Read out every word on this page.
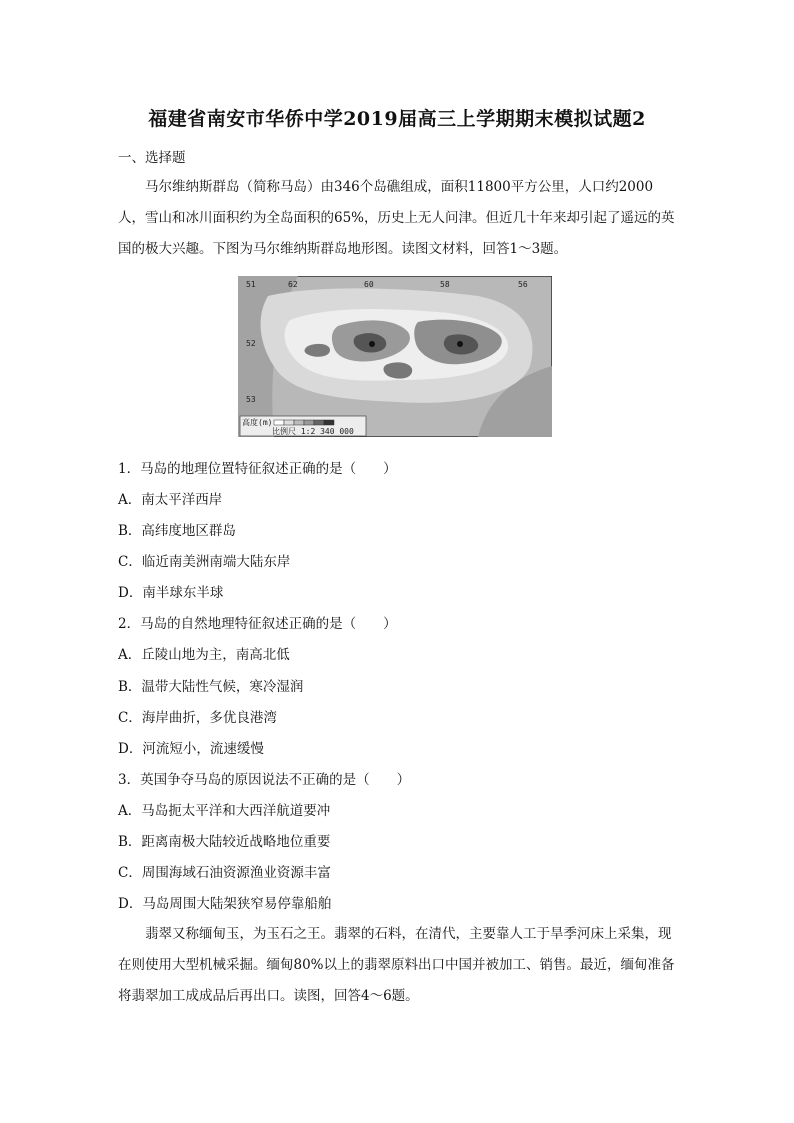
福建省南安市华侨中学2019届高三上学期期末模拟试题2
一、选择题
马尔维纳斯群岛（简称马岛）由346个岛礁组成，面积11800平方公里，人口约2000人，雪山和冰川面积约为全岛面积的65%，历史上无人问津。但近几十年来却引起了遥远的英国的极大兴趣。下图为马尔维纳斯群岛地形图。读图文材料，回答1～3题。
高度(m)
比例尺 1:2 340 000
51	62	60	58	56
52
53
1．马岛的地理位置特征叙述正确的是（　　）
A．南太平洋西岸
B．高纬度地区群岛
C．临近南美洲南端大陆东岸
D．南半球东半球
2．马岛的自然地理特征叙述正确的是（　　）
A．丘陵山地为主，南高北低
B．温带大陆性气候，寒冷湿润
C．海岸曲折，多优良港湾
D．河流短小，流速缓慢
3．英国争夺马岛的原因说法不正确的是（　　）
A．马岛扼太平洋和大西洋航道要冲
B．距离南极大陆较近战略地位重要
C．周围海域石油资源渔业资源丰富
D．马岛周围大陆架狭窄易停靠船舶
翡翠又称缅甸玉，为玉石之王。翡翠的石料，在清代，主要靠人工于旱季河床上采集，现在则使用大型机械采掘。缅甸80%以上的翡翠原料出口中国并被加工、销售。最近，缅甸准备将翡翠加工成成品后再出口。读图，回答4～6题。
